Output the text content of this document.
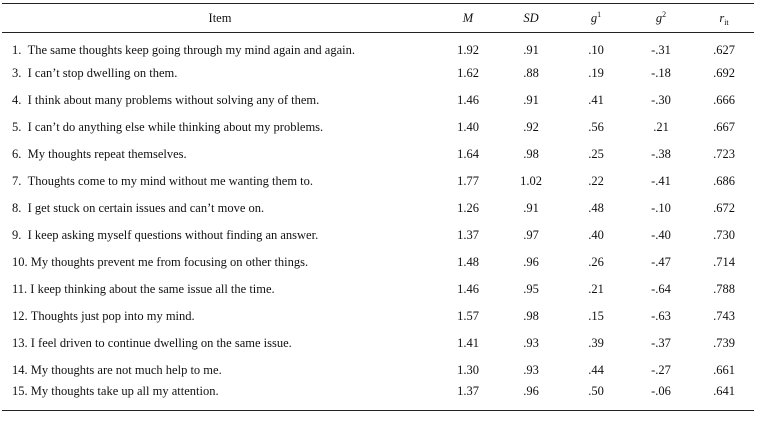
Item	M	SD	$g^1$	$g^2$	$r_{it}$
1.  The same thoughts keep going through my mind again and again.	1.92	.91	.10	-.31	.627
3.  I can’t stop dwelling on them.	1.62	.88	.19	-.18	.692
4.  I think about many problems without solving any of them.	1.46	.91	.41	-.30	.666
5.  I can’t do anything else while thinking about my problems.	1.40	.92	.56	.21	.667
6.  My thoughts repeat themselves.	1.64	.98	.25	-.38	.723
7.  Thoughts come to my mind without me wanting them to.	1.77	1.02	.22	-.41	.686
8.  I get stuck on certain issues and can’t move on.	1.26	.91	.48	-.10	.672
9.  I keep asking myself questions without finding an answer.	1.37	.97	.40	-.40	.730
10. My thoughts prevent me from focusing on other things.	1.48	.96	.26	-.47	.714
11. I keep thinking about the same issue all the time.	1.46	.95	.21	-.64	.788
12. Thoughts just pop into my mind.	1.57	.98	.15	-.63	.743
13. I feel driven to continue dwelling on the same issue.	1.41	.93	.39	-.37	.739
14. My thoughts are not much help to me.	1.30	.93	.44	-.27	.661
15. My thoughts take up all my attention.	1.37	.96	.50	-.06	.641
